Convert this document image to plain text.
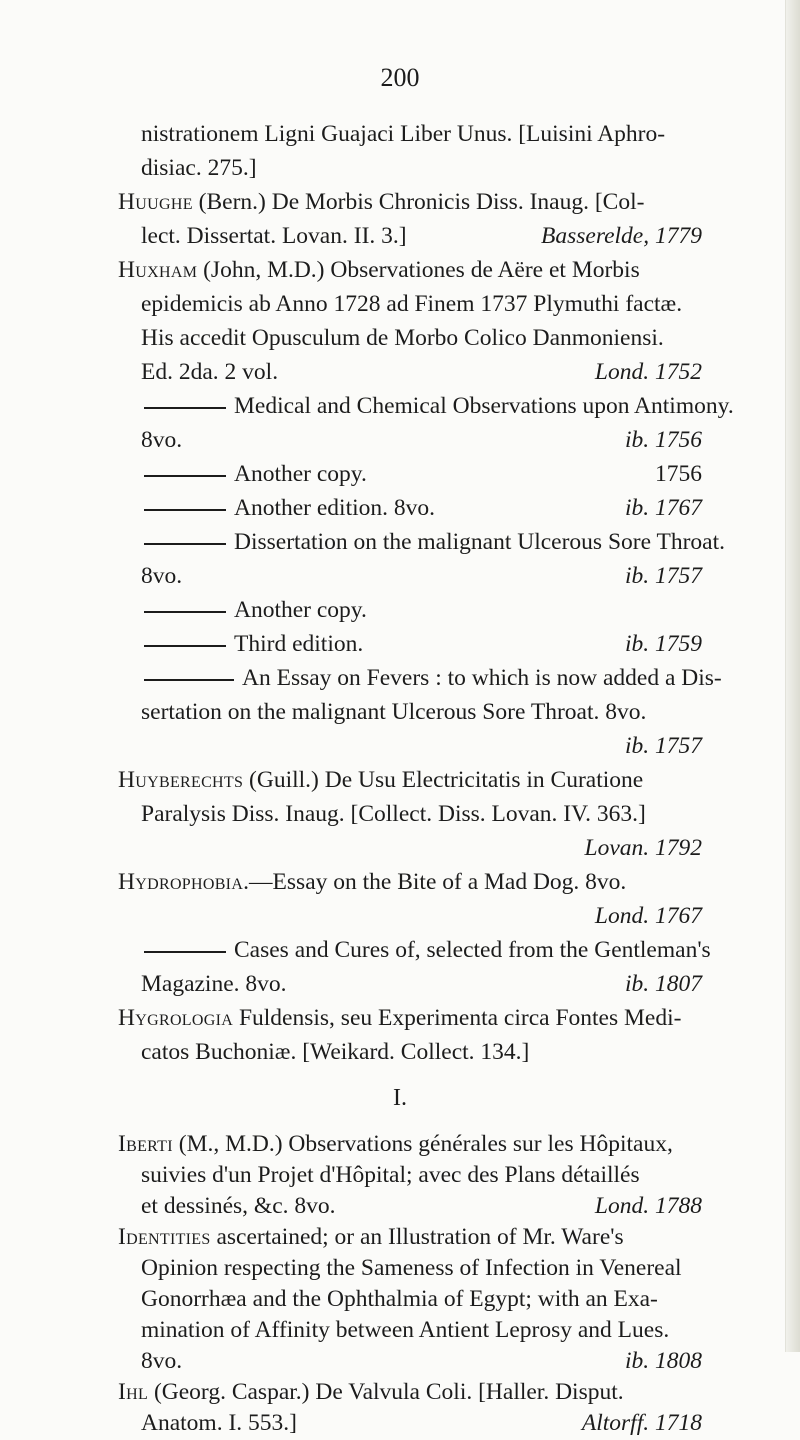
200
nistrationem Ligni Guajaci Liber Unus. [Luisini Aphro-
disiac. 275.]
Huughe (Bern.) De Morbis Chronicis Diss. Inaug. [Col-
lect. Dissertat. Lovan. II. 3.]	Basserelde, 1779
Huxham (John, M.D.) Observationes de Aëre et Morbis
epidemicis ab Anno 1728 ad Finem 1737 Plymuthi factæ.
His accedit Opusculum de Morbo Colico Danmoniensi.
Ed. 2da. 2 vol.	Lond. 1752
Medical and Chemical Observations upon Antimony.
8vo.	ib. 1756
Another copy.	1756
Another edition. 8vo.	ib. 1767
Dissertation on the malignant Ulcerous Sore Throat.
8vo.	ib. 1757
Another copy.
Third edition.	ib. 1759
An Essay on Fevers : to which is now added a Dis-
sertation on the malignant Ulcerous Sore Throat. 8vo.
ib. 1757
Huyberechts (Guill.) De Usu Electricitatis in Curatione
Paralysis Diss. Inaug. [Collect. Diss. Lovan. IV. 363.]
Lovan. 1792
Hydrophobia.—Essay on the Bite of a Mad Dog. 8vo.
Lond. 1767
Cases and Cures of, selected from the Gentleman's
Magazine. 8vo.	ib. 1807
Hygrologia Fuldensis, seu Experimenta circa Fontes Medi-
catos Buchoniæ. [Weikard. Collect. 134.]
I.
Iberti (M., M.D.) Observations générales sur les Hôpitaux,
suivies d'un Projet d'Hôpital; avec des Plans détaillés
et dessinés, &c. 8vo.	Lond. 1788
Identities ascertained; or an Illustration of Mr. Ware's
Opinion respecting the Sameness of Infection in Venereal
Gonorrhæa and the Ophthalmia of Egypt; with an Exa-
mination of Affinity between Antient Leprosy and Lues.
8vo.	ib. 1808
Ihl (Georg. Caspar.) De Valvula Coli. [Haller. Disput.
Anatom. I. 553.]	Altorff. 1718
